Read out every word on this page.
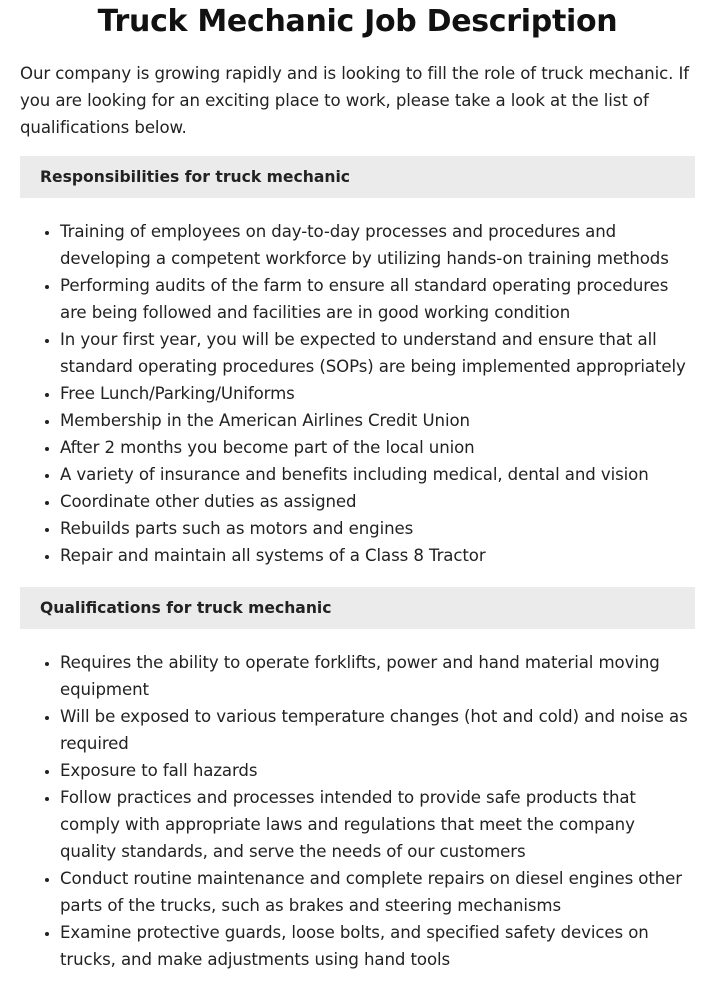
Truck Mechanic Job Description

Our company is growing rapidly and is looking to fill the role of truck mechanic. If you are looking for an exciting place to work, please take a look at the list of qualifications below.

Responsibilities for truck mechanic
• Training of employees on day-to-day processes and procedures and developing a competent workforce by utilizing hands-on training methods
• Performing audits of the farm to ensure all standard operating procedures are being followed and facilities are in good working condition
• In your first year, you will be expected to understand and ensure that all standard operating procedures (SOPs) are being implemented appropriately
• Free Lunch/Parking/Uniforms
• Membership in the American Airlines Credit Union
• After 2 months you become part of the local union
• A variety of insurance and benefits including medical, dental and vision
• Coordinate other duties as assigned
• Rebuilds parts such as motors and engines
• Repair and maintain all systems of a Class 8 Tractor
Qualifications for truck mechanic
• Requires the ability to operate forklifts, power and hand material moving equipment
• Will be exposed to various temperature changes (hot and cold) and noise as required
• Exposure to fall hazards
• Follow practices and processes intended to provide safe products that comply with appropriate laws and regulations that meet the company quality standards, and serve the needs of our customers
• Conduct routine maintenance and complete repairs on diesel engines other parts of the trucks, such as brakes and steering mechanisms
• Examine protective guards, loose bolts, and specified safety devices on trucks, and make adjustments using hand tools
